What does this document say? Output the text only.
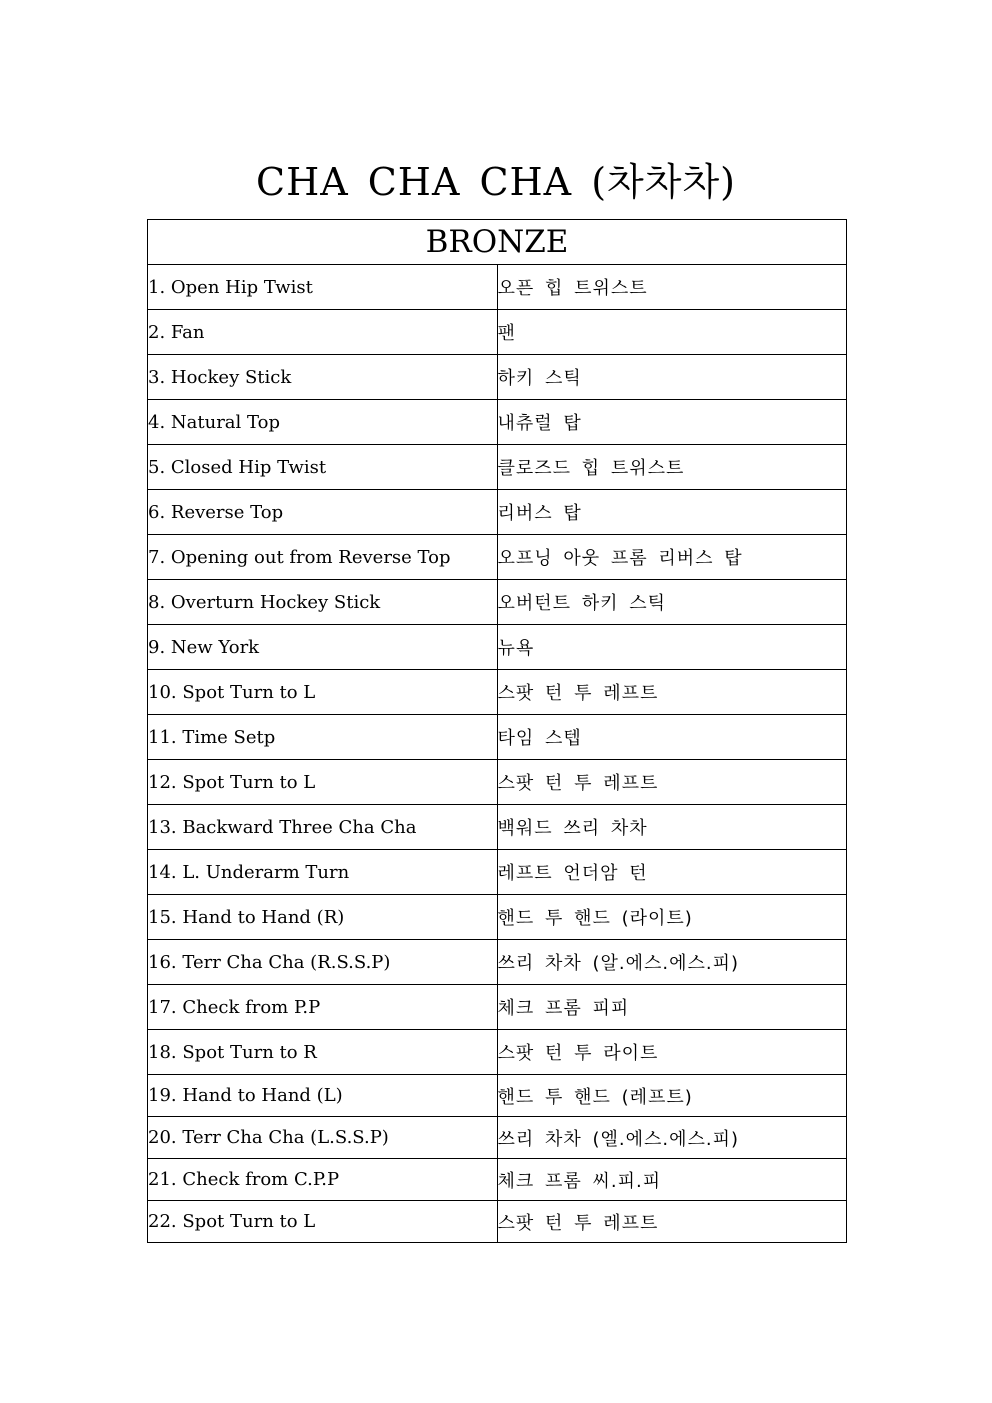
CHA CHA CHA (차차차)
BRONZE	
1. Open Hip Twist	오픈 힙 트위스트
2. Fan	팬
3. Hockey Stick	하키 스틱
4. Natural Top	내츄럴 탑
5. Closed Hip Twist	클로즈드 힙 트위스트
6. Reverse Top	리버스 탑
7. Opening out from Reverse Top	오프닝 아웃 프롬 리버스 탑
8. Overturn Hockey Stick	오버턴트 하키 스틱
9. New York	뉴욕
10. Spot Turn to L	스팟 턴 투 레프트
11. Time Setp	타임 스텝
12. Spot Turn to L	스팟 턴 투 레프트
13. Backward Three Cha Cha	백워드 쓰리 차차
14. L. Underarm Turn	레프트 언더암 턴
15. Hand to Hand (R)	핸드 투 핸드 (라이트)
16. Terr Cha Cha (R.S.S.P)	쓰리 차차 (알.에스.에스.피)
17. Check from P.P	체크 프롬 피피
18. Spot Turn to R	스팟 턴 투 라이트
19. Hand to Hand (L)	핸드 투 핸드 (레프트)
20. Terr Cha Cha (L.S.S.P)	쓰리 차차 (엘.에스.에스.피)
21. Check from C.P.P	체크 프롬 씨.피.피
22. Spot Turn to L	스팟 턴 투 레프트
